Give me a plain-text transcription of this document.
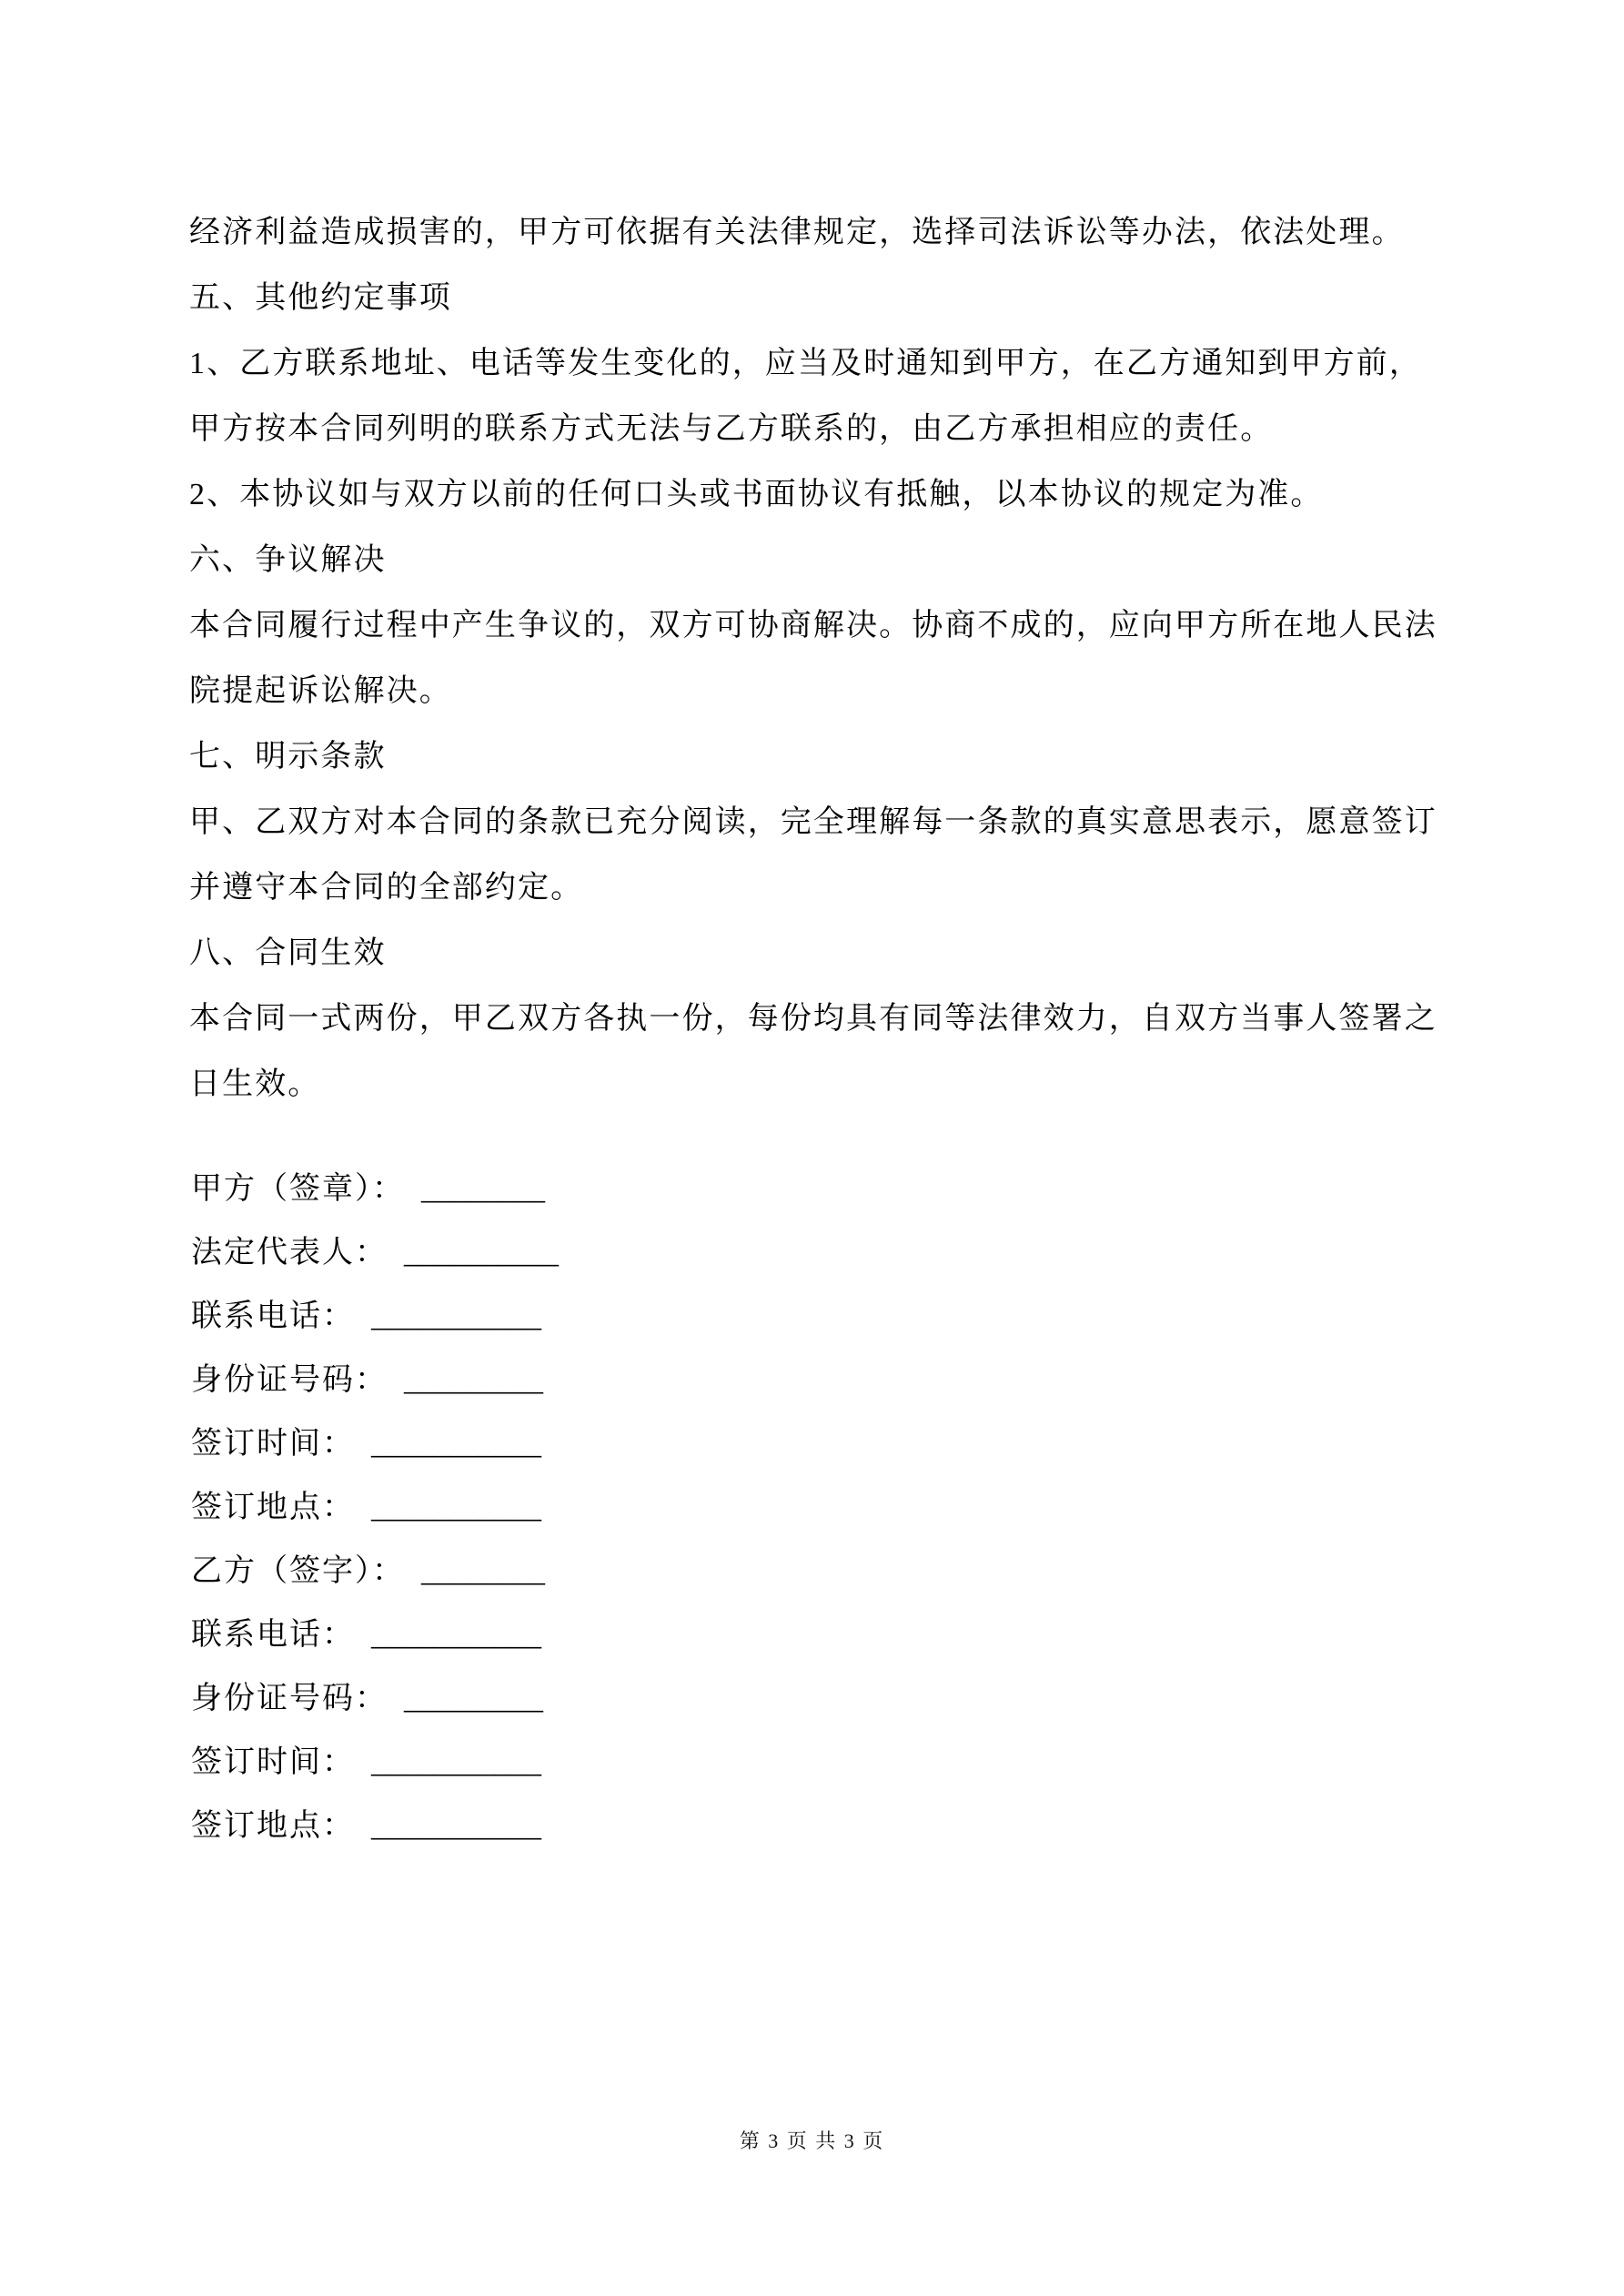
经济利益造成损害的，甲方可依据有关法律规定，选择司法诉讼等办法，依法处理。
五、其他约定事项
1、乙方联系地址、电话等发生变化的，应当及时通知到甲方，在乙方通知到甲方前，
甲方按本合同列明的联系方式无法与乙方联系的，由乙方承担相应的责任。
2、本协议如与双方以前的任何口头或书面协议有抵触，以本协议的规定为准。
六、争议解决
本合同履行过程中产生争议的，双方可协商解决。协商不成的，应向甲方所在地人民法
院提起诉讼解决。
七、明示条款
甲、乙双方对本合同的条款已充分阅读，完全理解每一条款的真实意思表示，愿意签订
并遵守本合同的全部约定。
八、合同生效
本合同一式两份，甲乙双方各执一份，每份均具有同等法律效力，自双方当事人签署之
日生效。
甲方（签章）： ________
法定代表人： __________
联系电话： ___________
身份证号码： _________
签订时间： ___________
签订地点： ___________
乙方（签字）： ________
联系电话： ___________
身份证号码： _________
签订时间： ___________
签订地点： ___________
第 3 页 共 3 页
